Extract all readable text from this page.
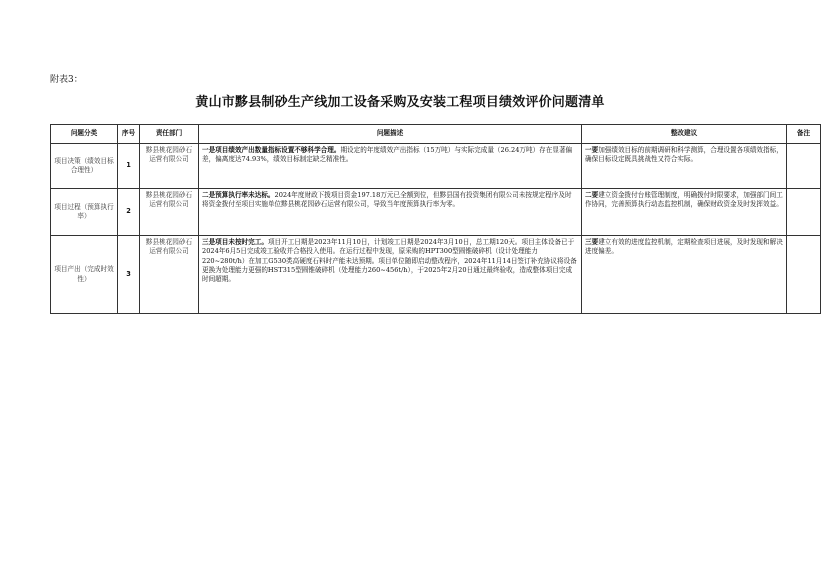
附表3：
黄山市黟县制砂生产线加工设备采购及安装工程项目绩效评价问题清单
问题分类	序号	责任部门	问题描述	整改建议	备注
项目决策（绩效目标合理性）	1	黟县桃花园砂石运营有限公司	一是项目绩效产出数量指标设置不够科学合理。期设定的年度绩效产出指标（15万吨）与实际完成量（26.24万吨）存在显著偏差，偏离度达74.93%，绩效目标制定缺乏精准性。	一要加强绩效目标的前期调研和科学测算，合理设置各项绩效指标，确保目标设定既具挑战性又符合实际。	
项目过程（预算执行率）	2	黟县桃花园砂石运营有限公司	二是预算执行率未达标。2024年度财政下拨项目资金197.18万元已全额到位，但黟县国有投资集团有限公司未按规定程序及时将资金拨付至项目实施单位黟县桃花园砂石运营有限公司，导致当年度预算执行率为零。	二要建立资金拨付台账管理制度，明确拨付时限要求，加强部门间工作协同，完善预算执行动态监控机制，确保财政资金及时发挥效益。	
项目产出（完成时效性）	3	黟县桃花园砂石运营有限公司	三是项目未按时完工。项目开工日期是2023年11月10日，计划竣工日期是2024年3月10日，总工期120天。项目主体设备已于2024年6月5日完成竣工验收并合格投入使用。在运行过程中发现，原采购的HPT300型圆锥破碎机（设计处理能力220~280t/h）在加工G530类高硬度石料时产能未达预期。项目单位随即启动整改程序，2024年11月14日签订补充协议将设备更换为处理能力更强的HST315型圆锥破碎机（处理能力260~456t/h），于2025年2月20日通过最终验收，造成整体项目完成时间超期。	三要建立有效的进度监控机制，定期检查项目进展，及时发现和解决进度偏差。	
